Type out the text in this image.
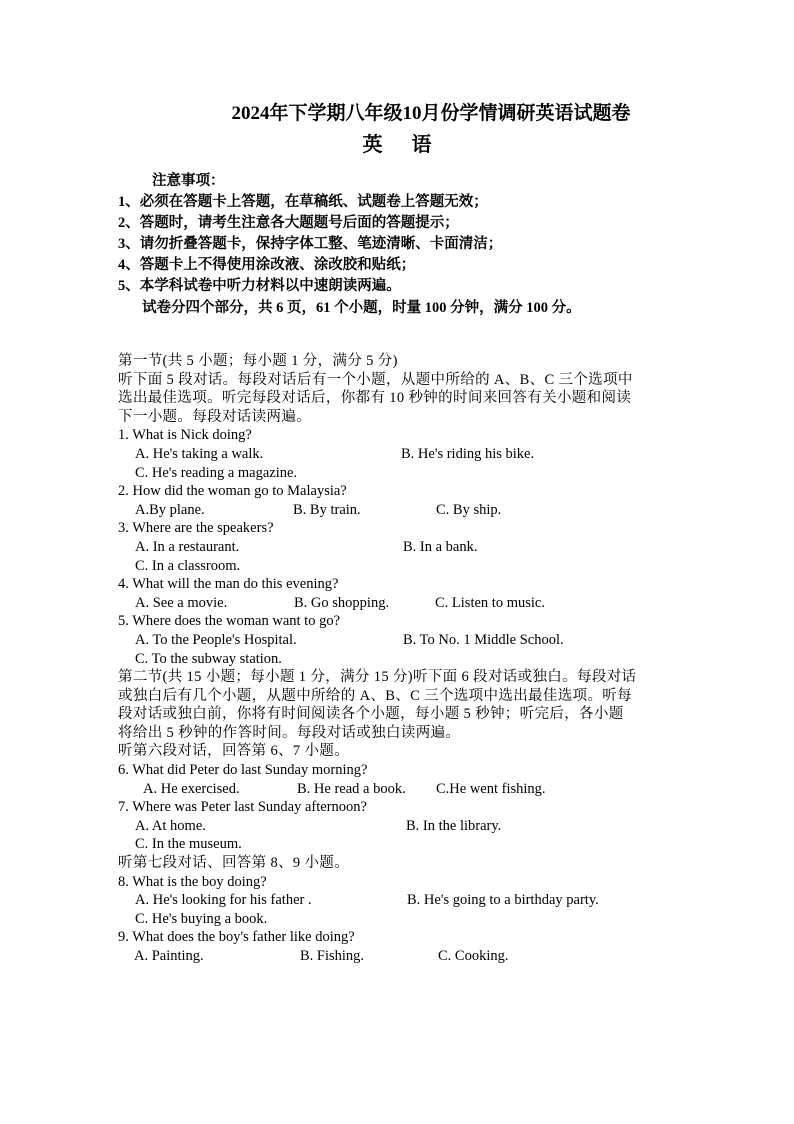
2024年下学期八年级10月份学情调研英语试题卷
英 语
注意事项：
1、必须在答题卡上答题，在草稿纸、试题卷上答题无效；
2、答题时，请考生注意各大题题号后面的答题提示；
3、请勿折叠答题卡，保持字体工整、笔迹清晰、卡面清洁；
4、答题卡上不得使用涂改液、涂改胶和贴纸；
5、本学科试卷中听力材料以中速朗读两遍。
试卷分四个部分，共 6 页，61 个小题，时量 100 分钟，满分 100 分。
第一节(共 5 小题；每小题 1 分，满分 5 分)
听下面 5 段对话。每段对话后有一个小题，从题中所给的 A、B、C 三个选项中
选出最佳选项。听完每段对话后，你都有 10 秒钟的时间来回答有关小题和阅读
下一小题。每段对话读两遍。
1. What is Nick doing?
A. He's taking a walk.	B. He's riding his bike.
C. He's reading a magazine.
2. How did the woman go to Malaysia?
A.By plane.	B. By train.	C. By ship.
3. Where are the speakers?
A. In a restaurant.	B. In a bank.
C. In a classroom.
4. What will the man do this evening?
A. See a movie.	B. Go shopping.	C. Listen to music.
5. Where does the woman want to go?
A. To the People's Hospital.	B. To No. 1 Middle School.
C. To the subway station.
第二节(共 15 小题；每小题 1 分，满分 15 分)听下面 6 段对话或独白。每段对话
或独白后有几个小题，从题中所给的 A、B、C 三个选项中选出最佳选项。听每
段对话或独白前，你将有时间阅读各个小题，每小题 5 秒钟；听完后，各小题
将给出 5 秒钟的作答时间。每段对话或独白读两遍。
听第六段对话，回答第 6、7 小题。
6. What did Peter do last Sunday morning?
A. He exercised.	B. He read a book. C.He went fishing.
7. Where was Peter last Sunday afternoon?
A. At home.	B. In the library.
C. In the museum.
听第七段对话、回答第 8、9 小题。
8. What is the boy doing?
A. He's looking for his father .	B. He's going to a birthday party.
C. He's buying a book.
9. What does the boy's father like doing?
A. Painting.	B. Fishing.	C. Cooking.
